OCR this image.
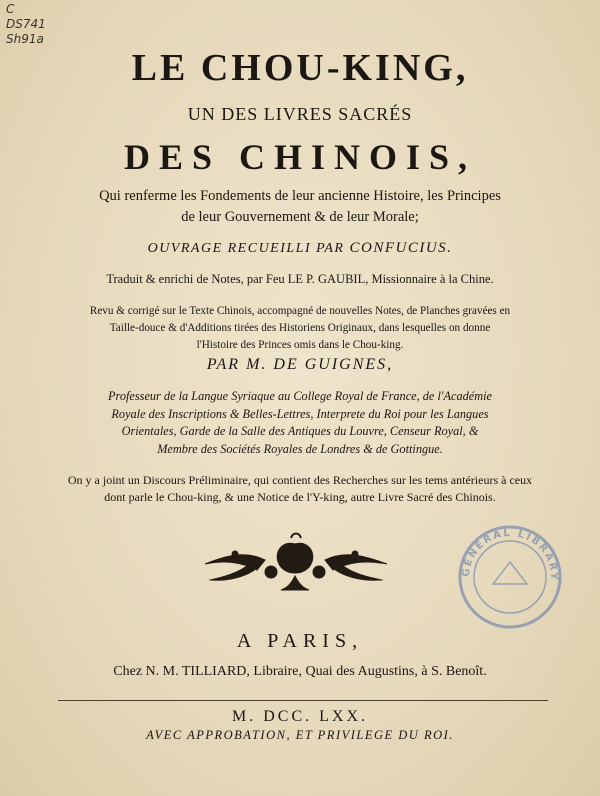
C
DS741
Sh91a
LE CHOU-KING,
UN DES LIVRES SACRÉS
DES CHINOIS,
Qui renferme les Fondements de leur ancienne Histoire, les Principes
de leur Gouvernement & de leur Morale;
OUVRAGE RECUEILLI PAR CONFUCIUS.
Traduit & enrichi de Notes, par Feu LE P. GAUBIL, Missionnaire à la Chine.
Revu & corrigé sur le Texte Chinois, accompagné de nouvelles Notes, de Planches gravées en
Taille-douce & d'Additions tirées des Historiens Originaux, dans lesquelles on donne
l'Histoire des Princes omis dans le Chou-king.
PAR M. DE GUIGNES,
Professeur de la Langue Syriaque au College Royal de France, de l'Académie
Royale des Inscriptions & Belles-Lettres, Interprete du Roi pour les Langues
Orientales, Garde de la Salle des Antiques du Louvre, Censeur Royal, &
Membre des Sociétés Royales de Londres & de Gottingue.
On y a joint un Discours Préliminaire, qui contient des Recherches sur les tems antérieurs à ceux
dont parle le Chou-king, & une Notice de l'Y-king, autre Livre Sacré des Chinois.
GENERAL LIBRARY
A PARIS,
Chez N. M. TILLIARD, Libraire, Quai des Augustins, à S. Benoît.
M. DCC. LXX.
AVEC APPROBATION, ET PRIVILEGE DU ROI.
